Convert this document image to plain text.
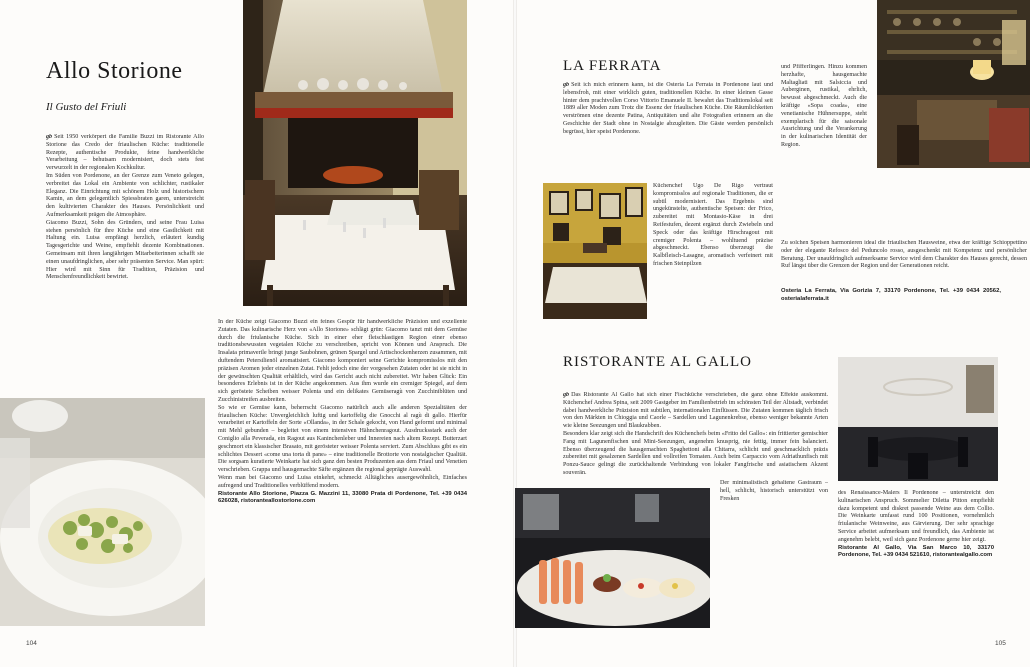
Allo Storione
Il Gusto del Friuli

gb Seit 1950 verkörpert die Familie Buzzi im Ristorante Allo Storione das Credo der friaulischen Küche: traditionelle Rezepte, authentische Produkte, feine handwerkliche Verarbeitung – behutsam modernisiert, doch stets fest verwurzelt in der regionalen Kochkultur.

Im Süden von Pordenone, an der Grenze zum Veneto gelegen, verbreitet das Lokal ein Ambiente von schlichter, rustikaler Eleganz. Die Einrichtung mit schönem Holz und historischem Kamin, an dem gelegentlich Spiessbraten garen, unterstreicht den kultivierten Charakter des Hauses. Persönlichkeit und Aufmerksamkeit prägen die Atmosphäre.

Giacomo Buzzi, Sohn des Gründers, und seine Frau Luisa stehen persönlich für ihre Küche und eine Gastlichkeit mit Haltung ein. Luisa empfängt herzlich, erläutert kundig Tagesgerichte und Weine, empfiehlt dezente Kombinationen. Gemeinsam mit ihren langjährigen Mitarbeiterinnen schafft sie einen unaufdringlichen, aber sehr präsenten Service. Man spürt: Hier wird mit Sinn für Tradition, Präzision und Menschenfreundlichkeit bewirtet.

In der Küche zeigt Giacomo Buzzi ein feines Gespür für handwerkliche Präzision und exzellente Zutaten. Das kulinarische Herz von «Allo Storione» schlägt grün: Giacomo tanzt mit dem Gemüse durch die friulanische Küche. Sich in einer eher fleischlastigen Region einer ebenso traditionsbewussten vegetalen Küche zu verschreiben, spricht von Können und Anspruch. Die Insalata primaverile bringt junge Saubohnen, grünen Spargel und Artischockenherzen zusammen, mit duftendem Petersilienöl aromatisiert. Giacomo komponiert seine Gerichte kompromisslos mit den präzisen Aromen jeder einzelnen Zutat. Fehlt jedoch eine der vorgesehen Zutaten oder ist sie nicht in der gewünschten Qualität erhältlich, wird das Gericht auch nicht zubereitet. Wir haben Glück: Ein besonderes Erlebnis ist in der Küche angekommen. Aus ihm wurde ein cremiger Spiegel, auf dem sich geröstete Scheiben weisser Polenta und ein delikates Gemüseragù von Zucchiniblüten und Zucchinistreifen ausbreiten.

So wie er Gemüse kann, beherrscht Giacomo natürlich auch alle anderen Spezialitäten der friaulischen Küche: Unvergleichlich luftig und kartoffelig die Gnocchi al ragù di gallo. Hierfür verarbeitet er Kartoffeln der Sorte «Ollanda», in der Schale gekocht, von Hand geformt und minimal mit Mehl gebunden – begleitet von einem intensiven Hähnchenragout. Ausdrucksstark auch der Coniglio alla Peverada, ein Ragout aus Kaninchenleber und Innereien nach altem Rezept. Butterzart geschmort ein klassischer Brasato, mit gerösteter weisser Polenta serviert. Zum Abschluss gibt es ein schlichtes Dessert «come una torta di pane» – eine traditionelle Brottorte von nostalgischer Qualität. Die sorgsam kuratierte Weinkarte hat sich ganz den besten Produzenten aus dem Friaul und Venetien verschrieben. Grappa und hausgemachte Säfte ergänzen die regional geprägte Auswahl.

Wenn man bei Giacomo und Luisa einkehrt, schmeckt Alltägliches ausergewöhnlich, Einfaches aufregend und Traditionelles verblüffend modern.

Ristorante Allo Storione, Piazza G. Mazzini 11, 33080 Prata di Pordenone, Tel. +39 0434 626028, ristoranteallostorione.com

104
LA FERRATA

gb Seit ich mich erinnern kann, ist die Osteria La Ferrata in Pordenone laut und lebensfroh, mit einer wirklich guten, traditionellen Küche. In einer kleinen Gasse hinter dem prachtvollen Corso Vittorio Emanuele II. bewahrt das Traditionslokal seit 1889 aller Moden zum Trotz die Essenz der friaulischen Küche. Die Räumlichkeiten verströmen eine dezente Patina, Antiquitäten und alte Fotografien erinnern an die Geschichte der Stadt ohne in Nostalgie abzugleiten. Die Gäste werden persönlich begrüsst, hier speist Pordenone.

Küchenchef Ugo De Rigo vertraut kompromisslos auf regionale Traditionen, die er subtil modernisiert. Das Ergebnis sind ungekünstelte, authentische Speisen: der Frico, zubereitet mit Montasio-Käse in drei Reifestufen, dezent ergänzt durch Zwiebeln und Speck oder das kräftige Hirschragout mit cremiger Polenta – wohltuend präzise abgeschmeckt. Ebenso überzeugt die Kalbfleisch-Lasagne, aromatisch verfeinert mit frischen Steinpilzen
und Pfifferlingen. Hinzu kommen herzhafte, hausgemachte Maltagliati mit Salsiccia und Auberginen, rustikal, ehrlich, bewusst abgeschmeckt. Auch die kräftige «Sopa coada», eine venetianische Hühnersuppe, steht exemplarisch für die saisonale Ausrichtung und die Verankerung in der kulinarischen Identität der Region.
Zu solchen Speisen harmonieren ideal die friaulischen Hausweine, etwa der kräftige Schioppettino oder der elegante Refosco del Peduncolo rosso, ausgeschenkt mit Kompetenz und persönlicher Beratung. Der unaufdringlich aufmerksame Service wird dem Charakter des Hauses gerecht, dessen Ruf längst über die Grenzen der Region und der Generationen reicht.
Osteria La Ferrata, Via Gorizia 7, 33170 Pordenone, Tel. +39 0434 20562, osterialaferrata.it
RISTORANTE AL GALLO

gb Das Ristorante Al Gallo hat sich einer Fischküche verschrieben, die ganz ohne Effekte auskommt. Küchenchef Andrea Spina, seit 2009 Gastgeber im Familienbetrieb im schönsten Teil der Altstadt, verbindet dabei handwerkliche Präzision mit subtilen, internationalen Einflüssen. Die Zutaten kommen täglich frisch von den Märkten in Chioggia und Caorle – Sardellen und Lagunenkrebse, ebenso weniger bekannte Arten wie kleine Seezungen und Blaukrabben.

Besonders klar zeigt sich die Handschrift des Küchenchefs beim «Fritto del Gallo»: ein frittierter gemischter Fang mit Lagunenfischen und Mini-Seezungen, angenehm knusprig, nie fettig, immer fein balanciert. Ebenso überzeugend die hausgemachten Spaghettoni alla Chitarra, schlicht und geschmacklich präzis zubereitet mit gesalzenen Sardellen und vollreifen Tomaten. Auch beim Carpaccio vom Adriathunfisch mit Ponzu-Sauce gelingt die zurückhaltende Verbindung von lokaler Fangfrische und asiatischem Akzent souverän.

Der minimalistisch gehaltene Gastraum – hell, schlicht, historisch unterstützt von Fresken

des Renaissance-Malers Il Pordenone – unterstreicht den kulinarischen Anspruch. Sommelier Diletta Pitton empfiehlt dazu kompetent und diskret passende Weine aus dem Collio. Die Weinkarte umfasst rund 100 Positionen, vornehmlich friulanische Weinweine, aus Gärvierung. Der sehr sprachige Service arbeitet aufmerksam und freundlich, das Ambiente ist angenehm belebt, weil sich ganz Pordenone gerne hier zeigt.

Ristorante Al Gallo, Via San Marco 10, 33170 Pordenone, Tel. +39 0434 521610, ristorantealgallo.com

105
